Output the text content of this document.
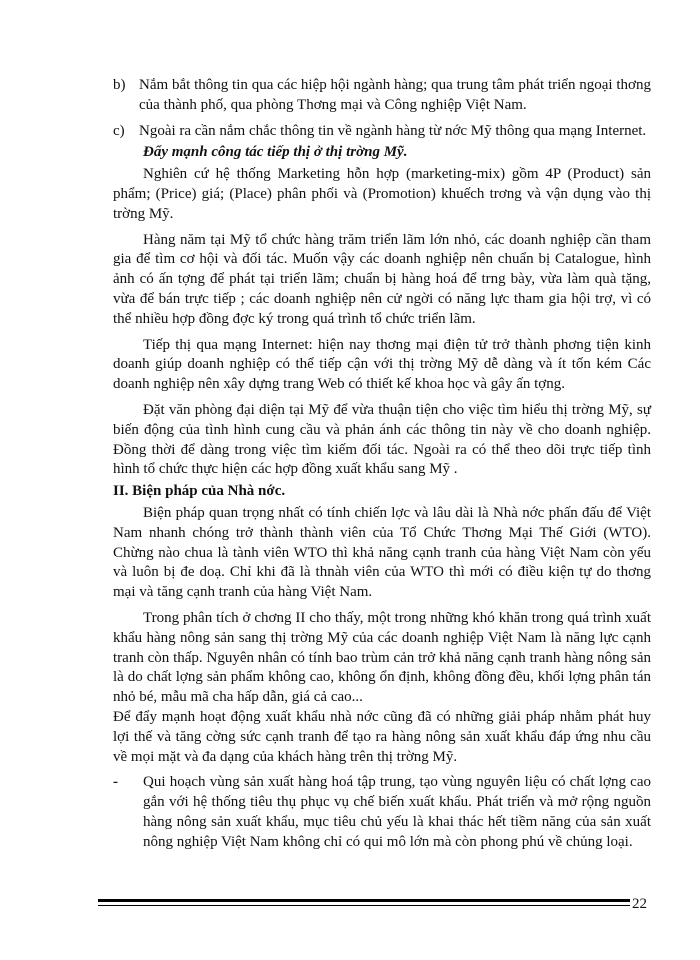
b) Nắm bắt thông tin qua các hiệp hội ngành hàng; qua trung tâm phát triển ngoại thơng của thành phố, qua phòng Thơng mại và Công nghiệp Việt Nam.
c) Ngoài ra cần nắm chắc thông tin về ngành hàng từ nớc Mỹ thông qua mạng Internet.

Đẩy mạnh công tác tiếp thị ở thị trờng Mỹ.

Nghiên cứ hệ thống Marketing hỗn hợp (marketing-mix) gồm 4P (Product) sản phẩm; (Price) giá; (Place) phân phối và (Promotion) khuếch trơng và vận dụng vào thị trờng Mỹ.

Hàng năm tại Mỹ tổ chức hàng trăm triển lãm lớn nhỏ, các doanh nghiệp cần tham gia để tìm cơ hội và đối tác. Muốn vậy các doanh nghiệp nên chuẩn bị Catalogue, hình ảnh có ấn tợng để phát tại triển lãm; chuẩn bị hàng hoá để trng bày, vừa làm quà tặng, vừa để bán trực tiếp ; các doanh nghiệp nên cử ngời có năng lực tham gia hội trợ, vì có thể nhiều hợp đồng đợc ký trong quá trình tổ chức triển lãm.

Tiếp thị qua mạng Internet: hiện nay thơng mại điện tử trở thành phơng tiện kinh doanh giúp doanh nghiệp có thể tiếp cận với thị trờng Mỹ dễ dàng và ít tốn kém Các doanh nghiệp nên xây dựng trang Web có thiết kế khoa học và gây ấn tợng.

Đặt văn phòng đại diện tại Mỹ để vừa thuận tiện cho việc tìm hiểu thị trờng Mỹ, sự biến động của tình hình cung cầu và phản ánh các thông tin này về cho doanh nghiệp. Đồng thời để dàng trong việc tìm kiếm đối tác. Ngoài ra có thể theo dõi trực tiếp tình hình tổ chức thực hiện các hợp đồng xuất khẩu sang Mỹ .

II. Biện pháp của Nhà nớc.

Biện pháp quan trọng nhất có tính chiến lợc và lâu dài là Nhà nớc phấn đấu để Việt Nam nhanh chóng trở thành thành viên của Tổ Chức Thơng Mại Thế Giới (WTO). Chừng nào chua là tành viên WTO thì khả năng cạnh tranh của hàng Việt Nam còn yếu và luôn bị đe doạ. Chỉ khi đã là thnàh viên của WTO thì mới có điều kiện tự do thơng mại và tăng cạnh tranh của hàng Việt Nam.

Trong phân tích ở chơng II cho thấy, một trong những khó khăn trong quá trình xuất khẩu hàng nông sản sang thị trờng Mỹ của các doanh nghiệp Việt Nam là năng lực cạnh tranh còn thấp. Nguyên nhân có tính bao trùm cản trở khả năng cạnh tranh hàng nông sản là do chất lợng sản phẩm không cao, không ổn định, không đồng đều, khối lợng phân tán nhỏ bé, mẫu mã cha hấp dẫn, giá cả cao...

Để đẩy mạnh hoạt động xuất khẩu nhà nớc cũng đã có những giải pháp nhằm phát huy lợi thế và tăng cờng sức cạnh tranh để tạo ra hàng nông sản xuất khẩu đáp ứng nhu cầu về mọi mặt và đa dạng của khách hàng trên thị trờng Mỹ.

-	Qui hoạch vùng sản xuất hàng hoá tập trung, tạo vùng nguyên liệu có chất lợng cao gắn với hệ thống tiêu thụ phục vụ chế biến xuất khẩu. Phát triển và mở rộng nguồn hàng nông sản xuất khẩu, mục tiêu chủ yếu là khai thác hết tiềm năng của sản xuất nông nghiệp Việt Nam không chỉ có qui mô lớn mà còn phong phú về chủng loại.
22
